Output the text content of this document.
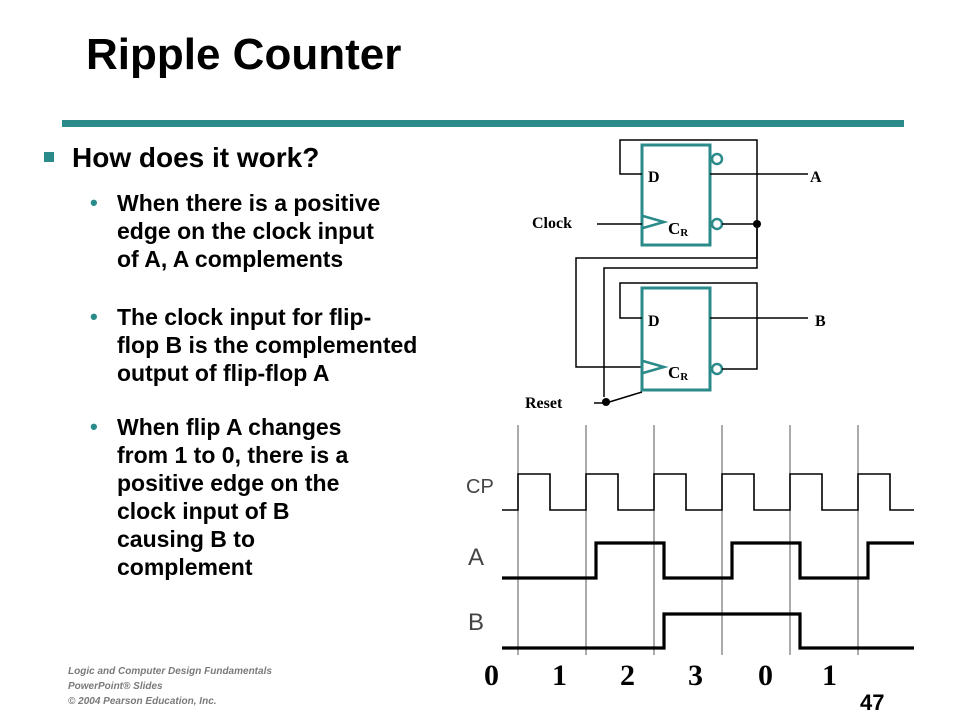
Ripple Counter
How does it work?
• When there is a positive
edge on the clock input
of A, A complements
• The clock input for flip-
flop B is the complemented
output of flip-flop A
• When flip A changes
from 1 to 0, there is a
positive edge on the
clock input of B
causing B to
complement
D
CR
A
Clock
D
CR
B
Reset
0 1 2 3 0 1
CP
A
B
Logic and Computer Design Fundamentals
PowerPoint® Slides
© 2004 Pearson Education, Inc.	47
